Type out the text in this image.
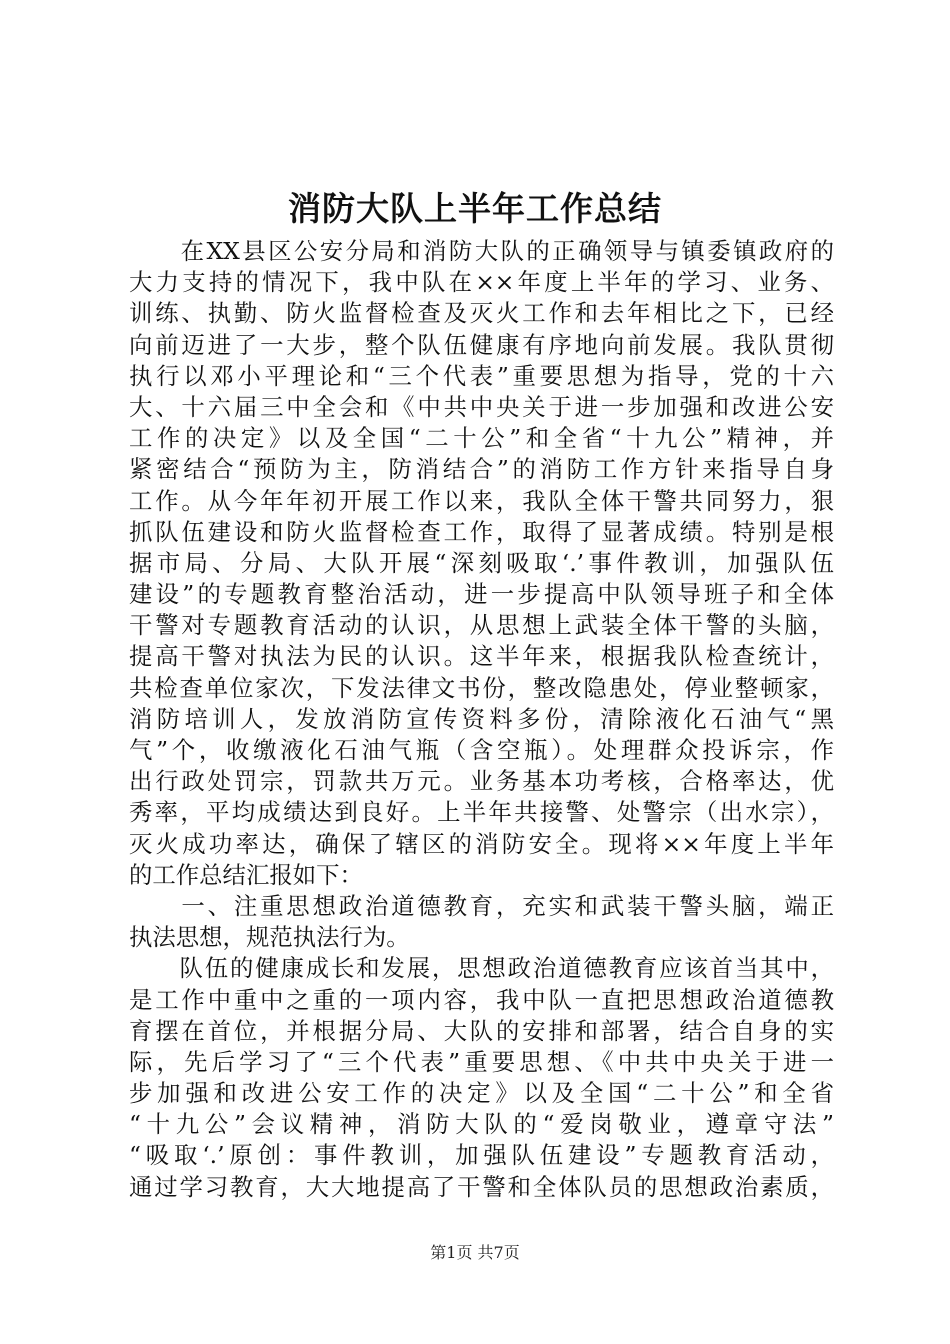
消防大队上半年工作总结
　　在XX县区公安分局和消防大队的正确领导与镇委镇政府的
大力支持的情况下，我中队在××年度上半年的学习、业务、
训练、执勤、防火监督检查及灭火工作和去年相比之下，已经
向前迈进了一大步，整个队伍健康有序地向前发展。我队贯彻
执行以邓小平理论和“三个代表”重要思想为指导，党的十六
大、十六届三中全会和《中共中央关于进一步加强和改进公安
工作的决定》以及全国“二十公”和全省“十九公”精神，并
紧密结合“预防为主，防消结合”的消防工作方针来指导自身
工作。从今年年初开展工作以来，我队全体干警共同努力，狠
抓队伍建设和防火监督检查工作，取得了显著成绩。特别是根
据市局、分局、大队开展“深刻吸取‘.’事件教训，加强队伍
建设”的专题教育整治活动，进一步提高中队领导班子和全体
干警对专题教育活动的认识，从思想上武装全体干警的头脑，
提高干警对执法为民的认识。这半年来，根据我队检查统计，
共检查单位家次，下发法律文书份，整改隐患处，停业整顿家，
消防培训人，发放消防宣传资料多份，清除液化石油气“黑
气”个，收缴液化石油气瓶（含空瓶）。处理群众投诉宗，作
出行政处罚宗，罚款共万元。业务基本功考核，合格率达，优
秀率，平均成绩达到良好。上半年共接警、处警宗（出水宗），
灭火成功率达，确保了辖区的消防安全。现将××年度上半年
的工作总结汇报如下：
　　一、注重思想政治道德教育，充实和武装干警头脑，端正
执法思想，规范执法行为。
　　队伍的健康成长和发展，思想政治道德教育应该首当其中，
是工作中重中之重的一项内容，我中队一直把思想政治道德教
育摆在首位，并根据分局、大队的安排和部署，结合自身的实
际，先后学习了“三个代表”重要思想、《中共中央关于进一
步加强和改进公安工作的决定》以及全国“二十公”和全省
“十九公”会议精神，消防大队的“爱岗敬业，遵章守法”
“吸取‘.’原创：事件教训，加强队伍建设”专题教育活动，
通过学习教育，大大地提高了干警和全体队员的思想政治素质，
第1页 共7页
